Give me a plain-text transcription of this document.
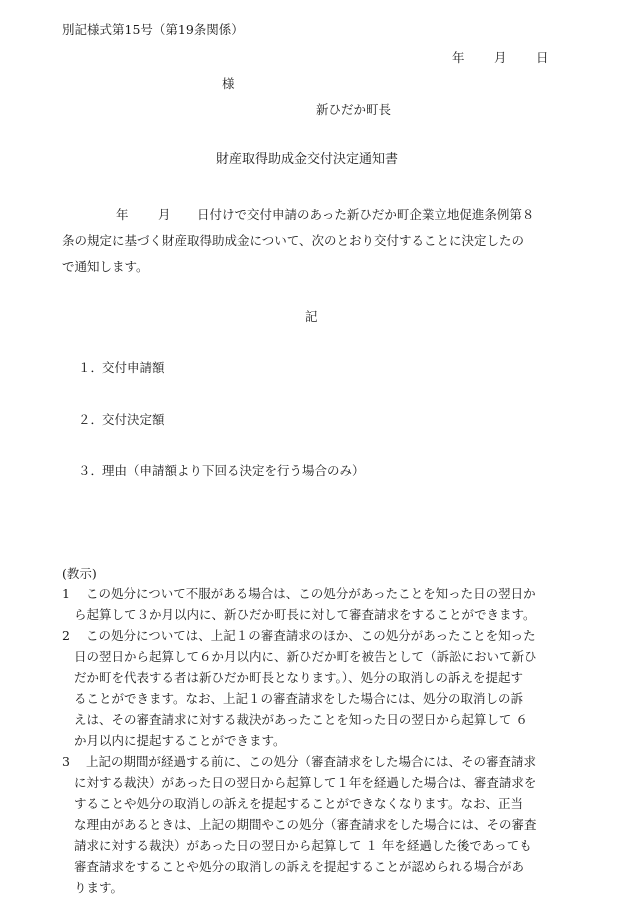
別記様式第15号（第19条関係）
年 月 日
様
新ひだか町長
財産取得助成金交付決定通知書
年 月 日付けで交付申請のあった新ひだか町企業立地促進条例第８
条の規定に基づく財産取得助成金について、次のとおり交付することに決定したの
で通知します。
記
１．
交付申請額
２．
交付決定額
３．
理由（申請額より下回る決定を行う場合のみ）
(教示)
1 この処分について不服がある場合は、この処分があったことを知った日の翌日か
ら起算して３か月以内に、新ひだか町長に対して審査請求をすることができます。
2 この処分については、上記１の審査請求のほか、この処分があったことを知った
日の翌日から起算して６か月以内に、新ひだか町を被告として（訴訟において新ひ
だか町を代表する者は新ひだか町長となります。）、処分の取消しの訴えを提起す
ることができます。なお、上記１の審査請求をした場合には、処分の取消しの訴
えは、その審査請求に対する裁決があったことを知った日の翌日から起算して ６
か月以内に提起することができます。
3 上記の期間が経過する前に、この処分（審査請求をした場合には、その審査請求
に対する裁決）があった日の翌日から起算して１年を経過した場合は、審査請求を
することや処分の取消しの訴えを提起することができなくなります。なお、正当
な理由があるときは、上記の期間やこの処分（審査請求をした場合には、その審査
請求に対する裁決）があった日の翌日から起算して １ 年を経過した後であっても
審査請求をすることや処分の取消しの訴えを提起することが認められる場合があ
ります。
